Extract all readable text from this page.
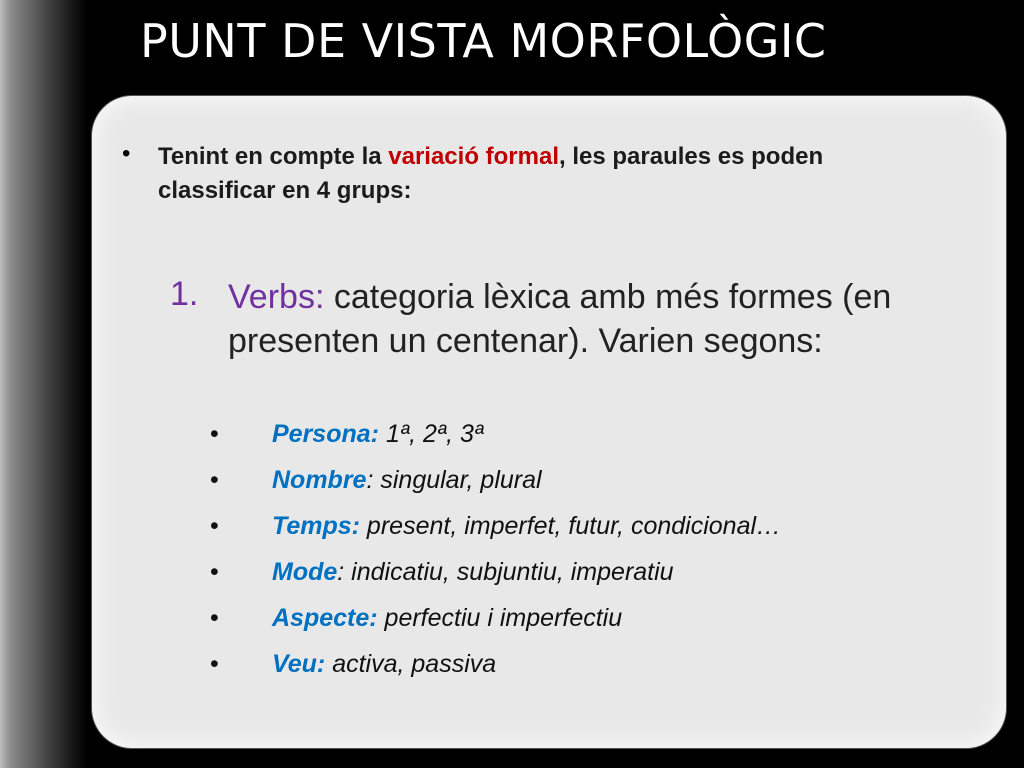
PUNT DE VISTA MORFOLÒGIC
•	Tenint en compte la variació formal, les paraules es poden classificar en 4 grups:
1. Verbs: categoria lèxica amb més formes (en presenten un centenar). Varien segons:
• Persona: 1ª, 2ª, 3ª
• Nombre: singular, plural
• Temps: present, imperfet, futur, condicional…
• Mode: indicatiu, subjuntiu, imperatiu
• Aspecte: perfectiu i imperfectiu
• Veu: activa, passiva
